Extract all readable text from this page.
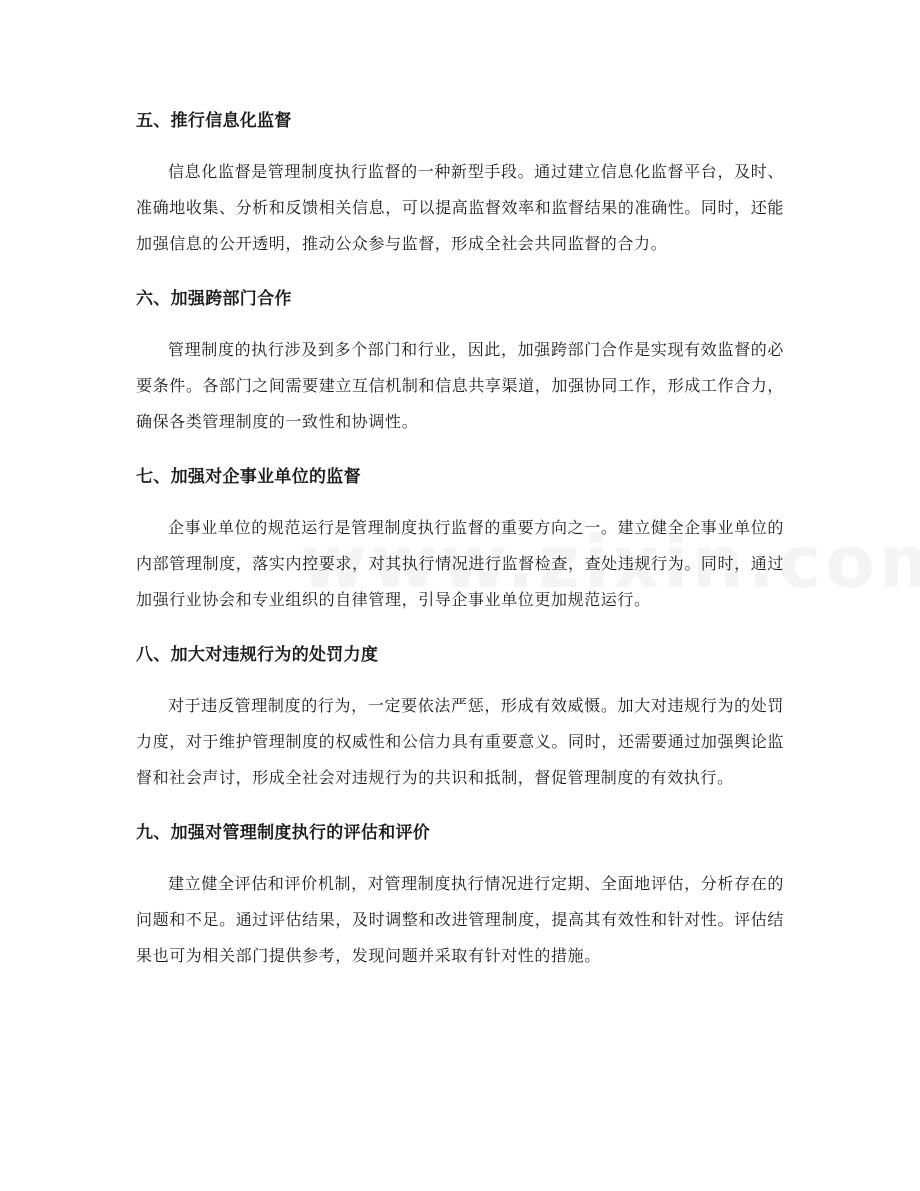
五、推行信息化监督

信息化监督是管理制度执行监督的一种新型手段。通过建立信息化监督平台，及时、准确地收集、分析和反馈相关信息，可以提高监督效率和监督结果的准确性。同时，还能加强信息的公开透明，推动公众参与监督，形成全社会共同监督的合力。

六、加强跨部门合作

管理制度的执行涉及到多个部门和行业，因此，加强跨部门合作是实现有效监督的必要条件。各部门之间需要建立互信机制和信息共享渠道，加强协同工作，形成工作合力，确保各类管理制度的一致性和协调性。

七、加强对企事业单位的监督

企事业单位的规范运行是管理制度执行监督的重要方向之一。建立健全企事业单位的内部管理制度，落实内控要求，对其执行情况进行监督检查，查处违规行为。同时，通过加强行业协会和专业组织的自律管理，引导企事业单位更加规范运行。

八、加大对违规行为的处罚力度

对于违反管理制度的行为，一定要依法严惩，形成有效威慑。加大对违规行为的处罚力度，对于维护管理制度的权威性和公信力具有重要意义。同时，还需要通过加强舆论监督和社会声讨，形成全社会对违规行为的共识和抵制，督促管理制度的有效执行。

九、加强对管理制度执行的评估和评价

建立健全评估和评价机制，对管理制度执行情况进行定期、全面地评估，分析存在的问题和不足。通过评估结果，及时调整和改进管理制度，提高其有效性和针对性。评估结果也可为相关部门提供参考，发现问题并采取有针对性的措施。
